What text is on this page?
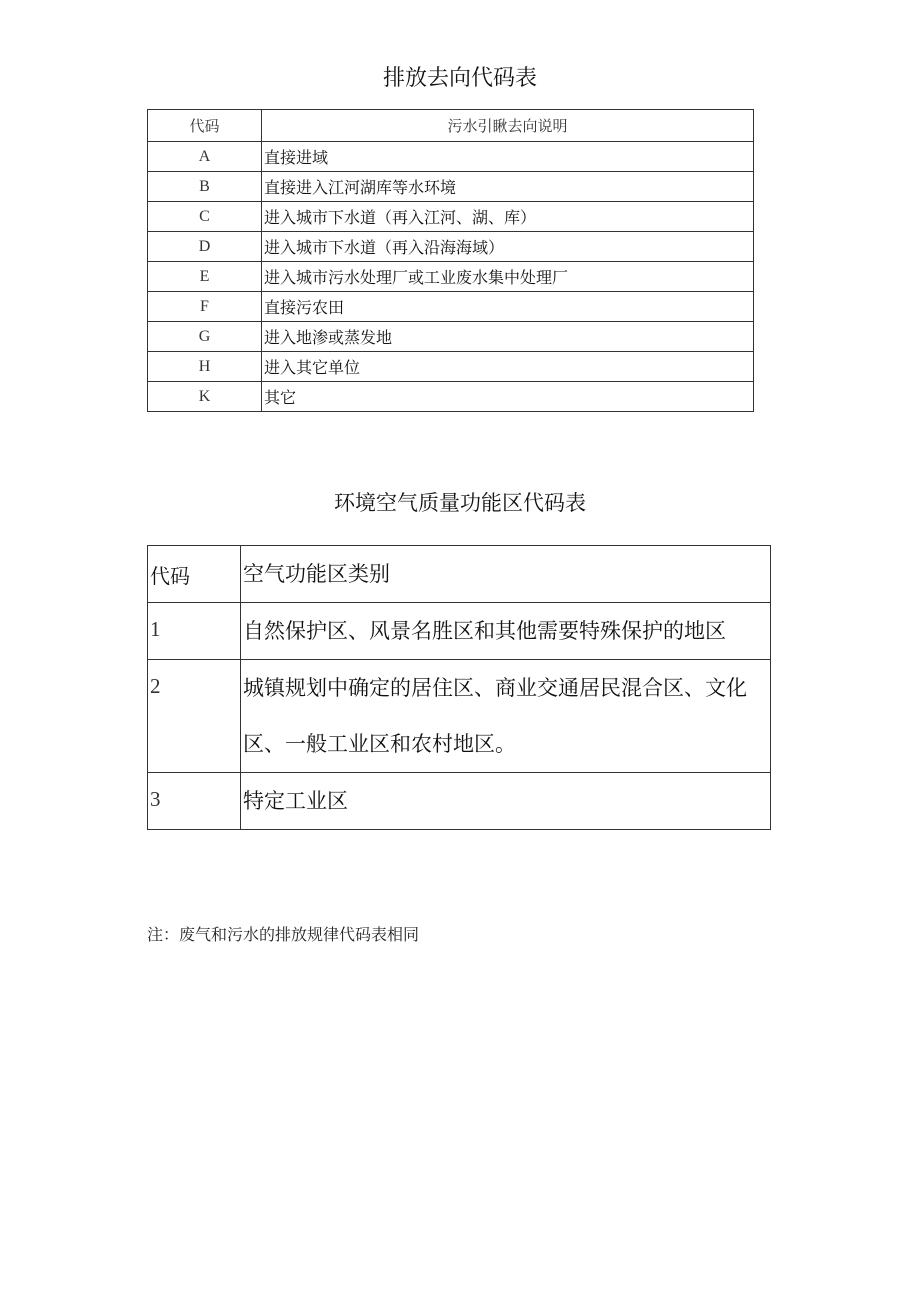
排放去向代码表
代码	污水引瞅去向说明
A	直接进域
B	直接进入江河湖库等水环境
C	进入城市下水道（再入江河、湖、库）
D	进入城市下水道（再入沿海海域）
E	进入城市污水处理厂或工业废水集中处理厂
F	直接污农田
G	进入地渗或蒸发地
H	进入其它单位
K	其它
环境空气质量功能区代码表
代码	空气功能区类别
1	自然保护区、风景名胜区和其他需要特殊保护的地区
2	城镇规划中确定的居住区、商业交通居民混合区、文化区、一般工业区和农村地区。
3	特定工业区
注：废气和污水的排放规律代码表相同
